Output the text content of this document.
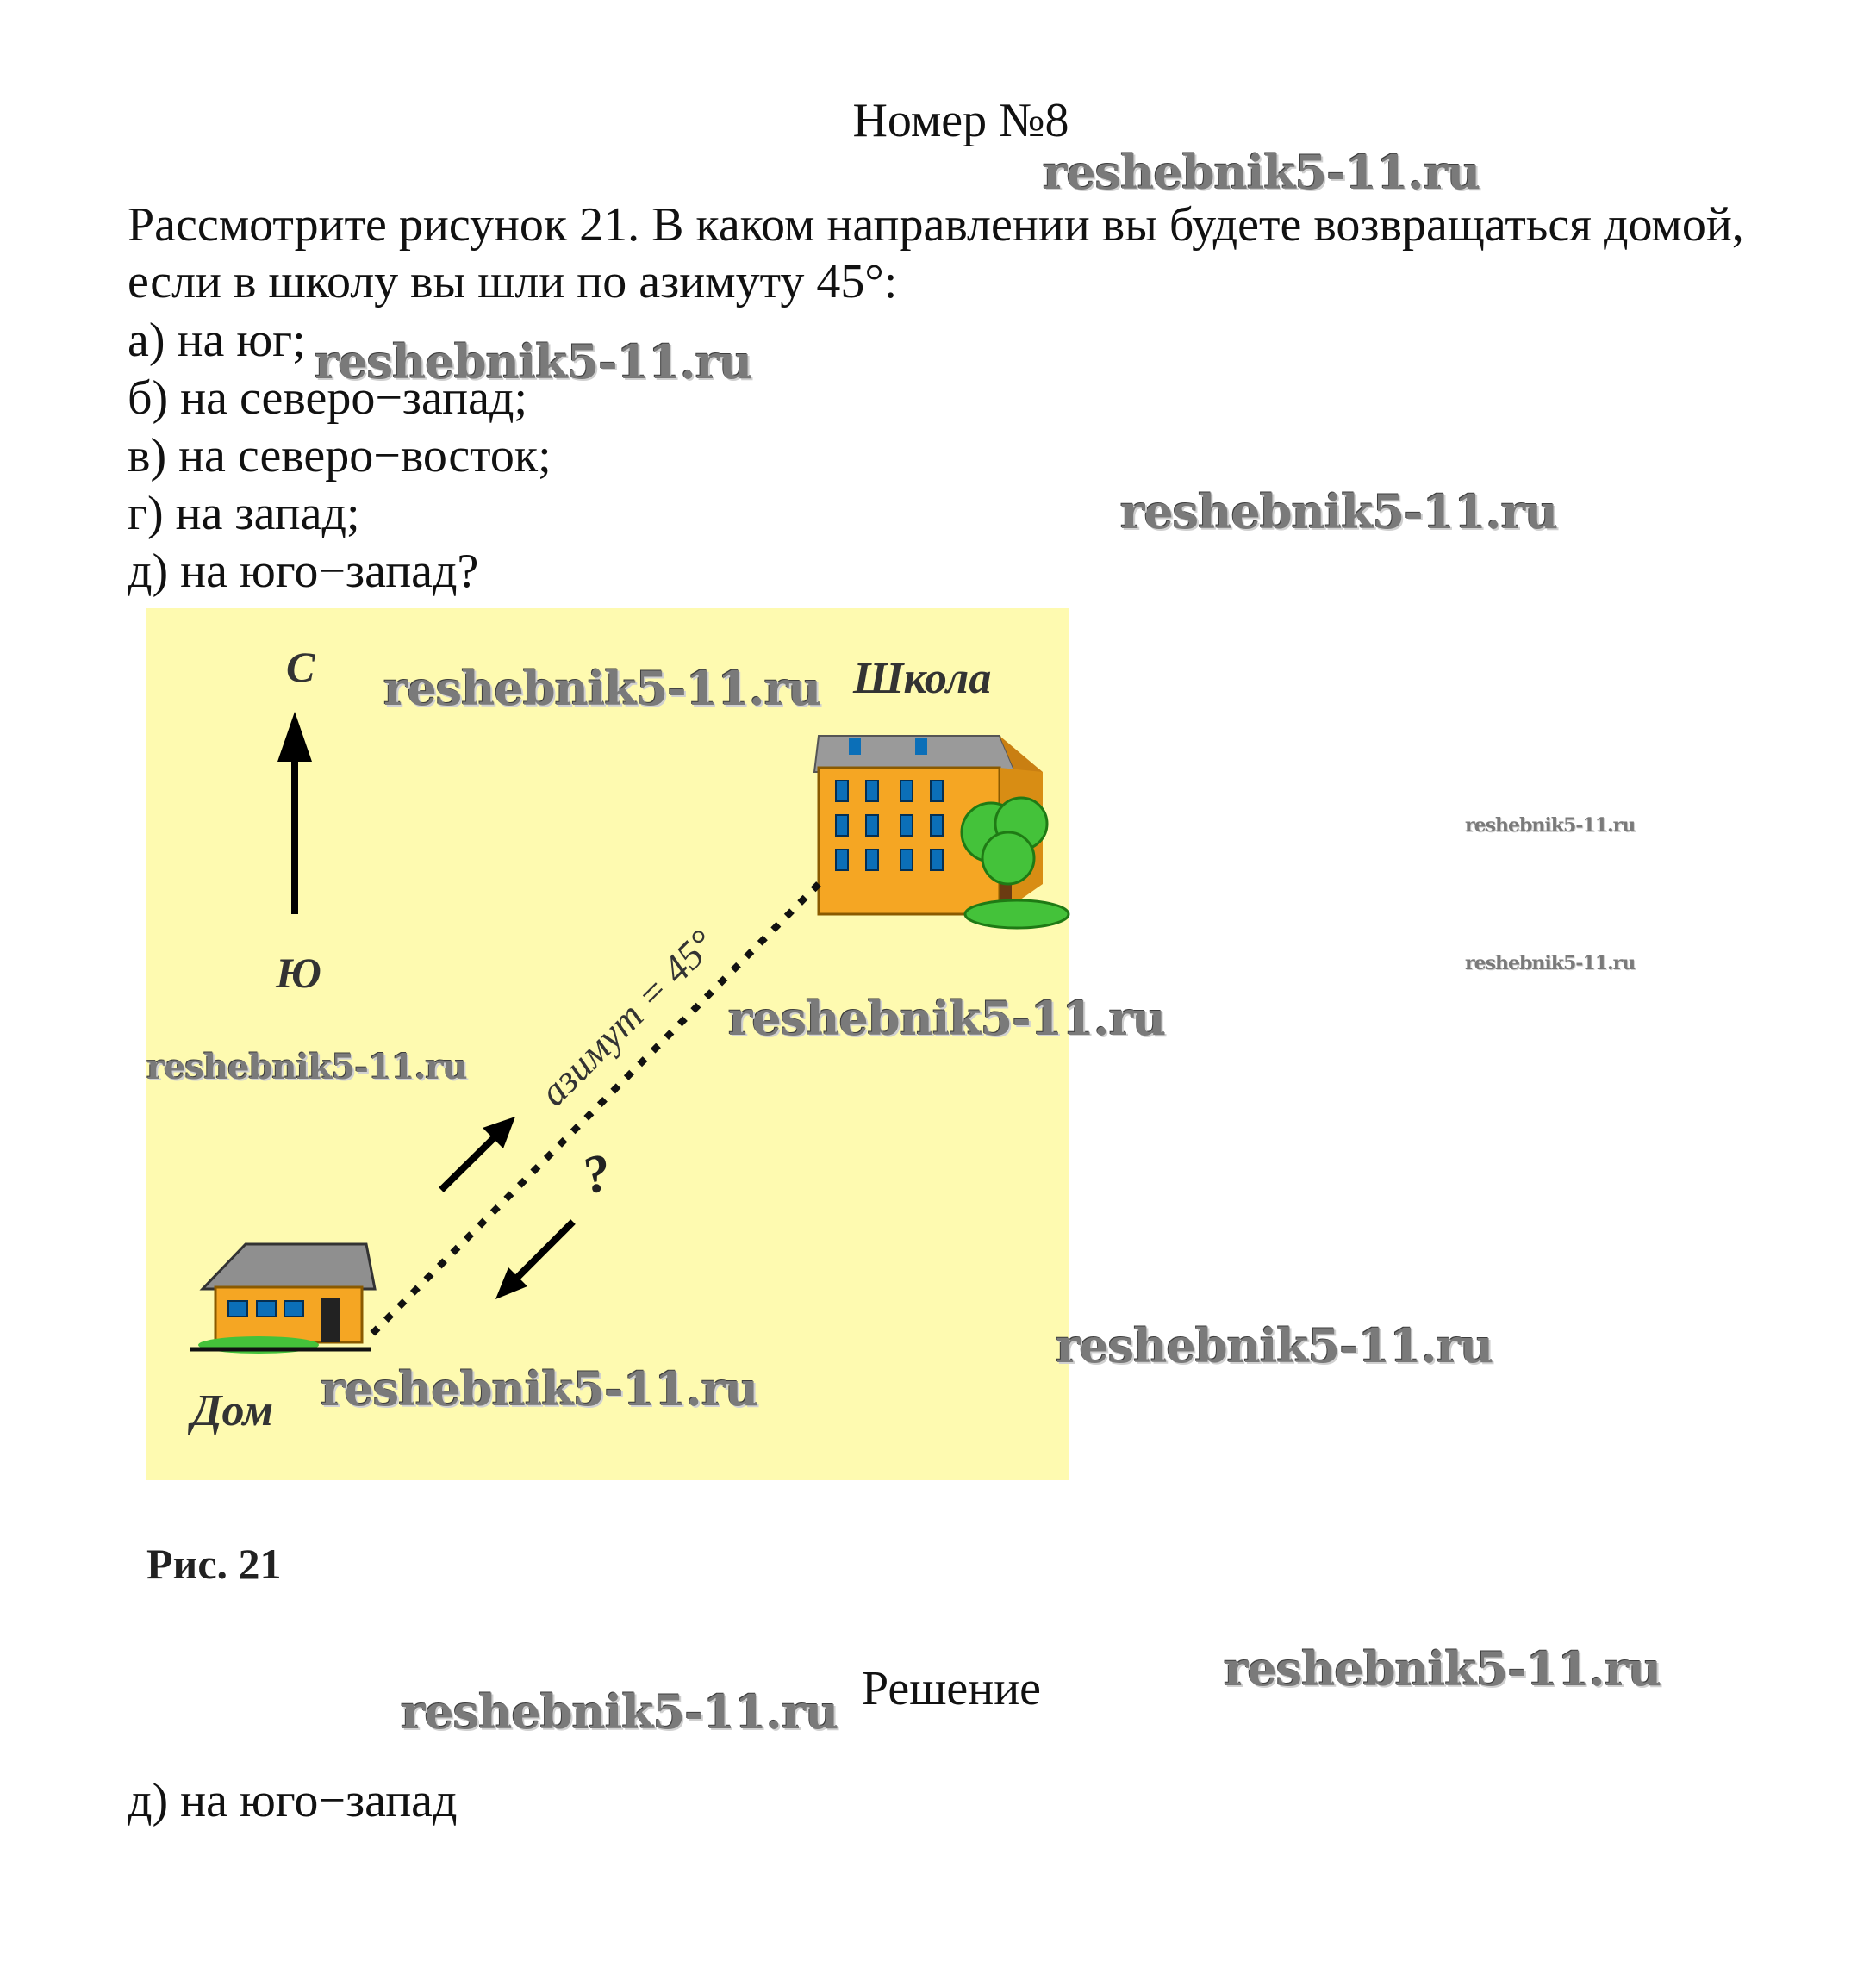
Номер №8

Рассмотрите рисунок 21. В каком направлении вы будете возвращаться домой, если в школу вы шли по азимуту 45°:

а) на юг;
б) на северо−запад;
в) на северо−восток;
г) на запад;
д) на юго−запад?
С
Ю
Школа
азимут = 45°
?
Дом
Рис. 21
Решение
д) на юго−запад
reshebnik5-11.ru
reshebnik5-11.ru
reshebnik5-11.ru
reshebnik5-11.ru
reshebnik5-11.ru
reshebnik5-11.ru
reshebnik5-11.ru
reshebnik5-11.ru
reshebnik5-11.ru
reshebnik5-11.ru
reshebnik5-11.ru
reshebnik5-11.ru
